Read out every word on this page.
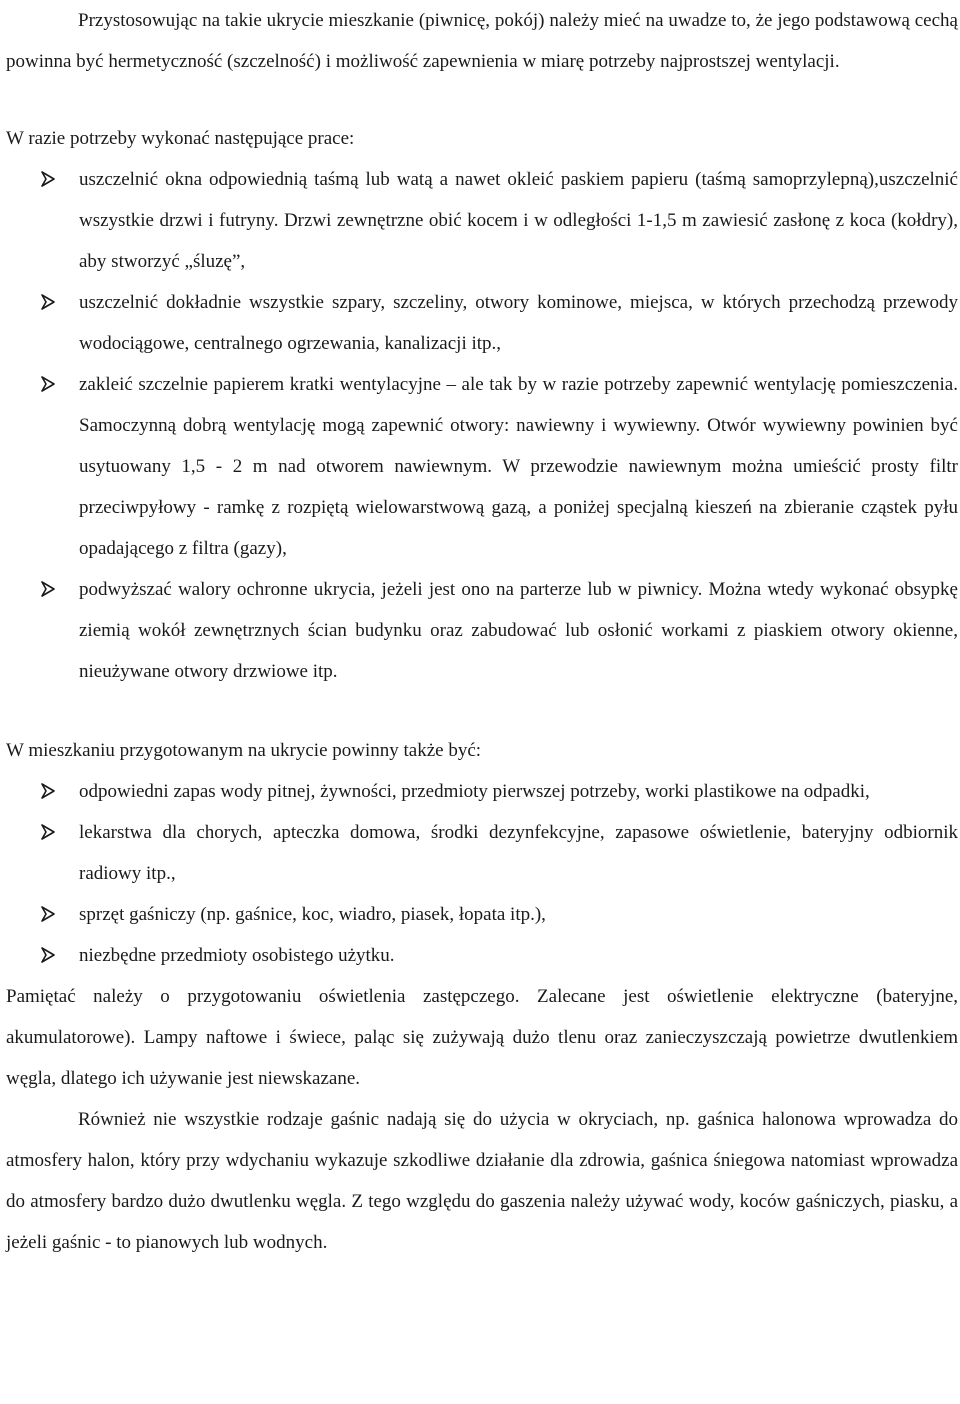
Przystosowując na takie ukrycie mieszkanie (piwnicę, pokój) należy mieć na uwadze to, że jego podstawową cechą powinna być hermetyczność (szczelność) i możliwość zapewnienia w miarę potrzeby najprostszej wentylacji.

W razie potrzeby wykonać następujące prace:

uszczelnić okna odpowiednią taśmą lub watą a nawet okleić paskiem papieru (taśmą samoprzylepną),uszczelnić wszystkie drzwi i futryny. Drzwi zewnętrzne obić kocem i w odległości 1-1,5 m zawiesić zasłonę z koca (kołdry), aby stworzyć „śluzę”,
uszczelnić dokładnie wszystkie szpary, szczeliny, otwory kominowe, miejsca, w których przechodzą przewody wodociągowe, centralnego ogrzewania, kanalizacji itp.,
zakleić szczelnie papierem kratki wentylacyjne – ale tak by w razie potrzeby zapewnić wentylację pomieszczenia. Samoczynną dobrą wentylację mogą zapewnić otwory: nawiewny i wywiewny. Otwór wywiewny powinien być usytuowany 1,5 - 2 m nad otworem nawiewnym. W przewodzie nawiewnym można umieścić prosty filtr przeciwpyłowy - ramkę z rozpiętą wielowarstwową gazą, a poniżej specjalną kieszeń na zbieranie cząstek pyłu opadającego z filtra (gazy),
podwyższać walory ochronne ukrycia, jeżeli jest ono na parterze lub w piwnicy. Można wtedy wykonać obsypkę ziemią wokół zewnętrznych ścian budynku oraz zabudować lub osłonić workami z piaskiem otwory okienne, nieużywane otwory drzwiowe itp.

W mieszkaniu przygotowanym na ukrycie powinny także być:

odpowiedni zapas wody pitnej, żywności, przedmioty pierwszej potrzeby, worki plastikowe na odpadki,
lekarstwa dla chorych, apteczka domowa, środki dezynfekcyjne, zapasowe oświetlenie, bateryjny odbiornik radiowy itp.,
sprzęt gaśniczy (np. gaśnice, koc, wiadro, piasek, łopata itp.),
niezbędne przedmioty osobistego użytku.

Pamiętać należy o przygotowaniu oświetlenia zastępczego. Zalecane jest oświetlenie elektryczne (bateryjne, akumulatorowe). Lampy naftowe i świece, paląc się zużywają dużo tlenu oraz zanieczyszczają powietrze dwutlenkiem węgla, dlatego ich używanie jest niewskazane.

Również nie wszystkie rodzaje gaśnic nadają się do użycia w okryciach, np. gaśnica halonowa wprowadza do atmosfery halon, który przy wdychaniu wykazuje szkodliwe działanie dla zdrowia, gaśnica śniegowa natomiast wprowadza do atmosfery bardzo dużo dwutlenku węgla. Z tego względu do gaszenia należy używać wody, koców gaśniczych, piasku, a jeżeli gaśnic - to pianowych lub wodnych.
